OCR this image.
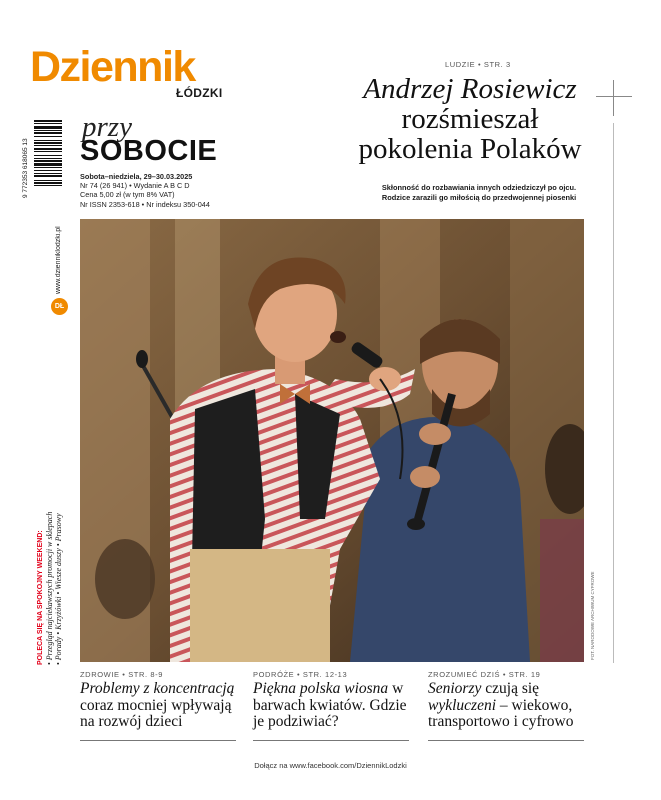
Dziennik
ŁÓDZKI
przy
SOBOCIE
Sobota–niedziela, 29–30.03.2025
Nr 74 (26 941) • Wydanie A B C D
Cena 5,00 zł (w tym 8% VAT)
Nr ISSN 2353-618 • Nr indeksu 350-044
9 772353 618065 13
www.dzienniklodzki.pl
DŁ
POLECA SIĘ NA SPOKOJNY WEEKEND: • Przegląd najciekawszych promocji w sklepach • Porady • Krzyżówki • Wiesze duszy • Prasowy
LUDZIE • STR. 3
Andrzej Rosiewicz
rozśmieszał
pokolenia Polaków
Skłonność do rozbawiania innych odziedziczył po ojcu. Rodzice zarazili go miłością do przedwojennej piosenki
FOT. NARODOWE ARCHIWUM CYFROWE
ZDROWIE • STR. 8-9
Problemy z koncentracją coraz mocniej wpływają na rozwój dzieci
PODRÓŻE • STR. 12-13
Piękna polska wiosna w barwach kwiatów. Gdzie je podziwiać?
ZROZUMIEĆ DZIŚ • STR. 19
Seniorzy czują się wykluczeni – wiekowo, transportowo i cyfrowo
Dołącz na www.facebook.com/DziennikLodzki
